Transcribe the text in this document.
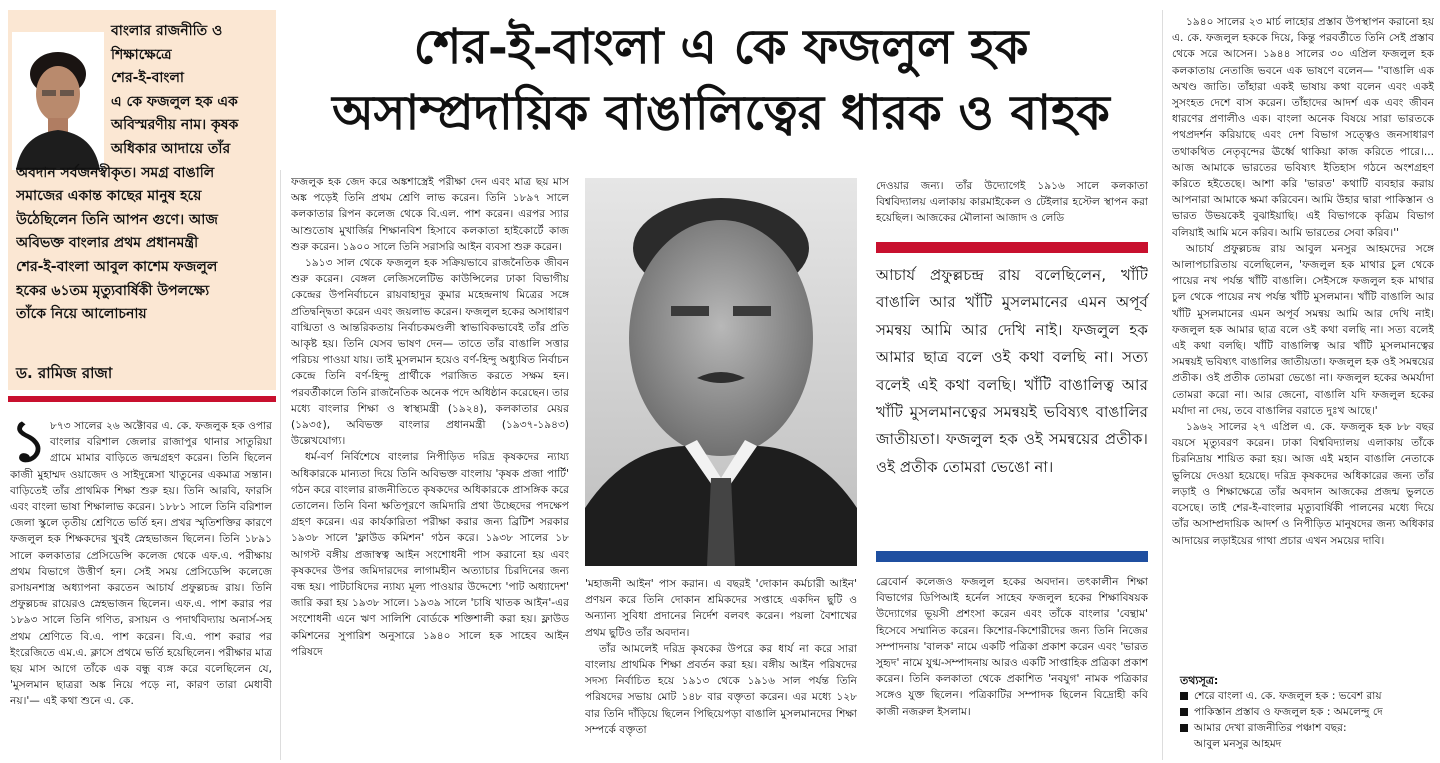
বাংলার রাজনীতি ও
শিক্ষাক্ষেত্রে
শের-ই-বাংলা
এ কে ফজলুল হক এক
অবিস্মরণীয় নাম। কৃষক
অধিকার আদায়ে তাঁর
অবদান সর্বজনস্বীকৃত। সমগ্র বাঙালি
সমাজের একান্ত কাছের মানুষ হয়ে
উঠেছিলেন তিনি আপন গুণে। আজ
অবিভক্ত বাংলার প্রথম প্রধানমন্ত্রী
শের-ই-বাংলা আবুল কাশেম ফজলুল
হকের ৬১তম মৃত্যুবার্ষিকী উপলক্ষ্যে
তাঁকে নিয়ে আলোচনায়
ড. রামিজ রাজা
শের-ই-বাংলা এ কে ফজলুল হক
অসাম্প্রদায়িক বাঙালিত্বের ধারক ও বাহক
১ ৮৭৩ সালের ২৬ অক্টোবর এ. কে. ফজলুক হক ওপার বাংলার বরিশাল জেলার রাজাপুর থানার সাতুরিয়া গ্রামে মামার বাড়িতে জন্মগ্রহণ করেন। তিনি ছিলেন কাজী মুহাম্মদ ওয়াজেদ ও সাইদুন্নেসা খাতুনের একমাত্র সন্তান। বাড়িতেই তাঁর প্রাথমিক শিক্ষা শুরু হয়। তিনি আরবি, ফারসি এবং বাংলা ভাষা শিক্ষালাভ করেন। ১৮৮১ সালে তিনি বরিশাল জেলা স্কুলে তৃতীয় শ্রেণিতে ভর্তি হন। প্রখর স্মৃতিশক্তির কারণে ফজলুল হক শিক্ষকদের খুবই স্নেহভাজন ছিলেন। তিনি ১৮৯১ সালে কলকাতার প্রেসিডেন্সি কলেজ থেকে এফ.এ. পরীক্ষায় প্রথম বিভাগে উত্তীর্ণ হন। সেই সময় প্রেসিডেন্সি কলেজে রসায়নশাস্ত্র অধ্যাপনা করতেন আচার্য প্রফুল্লচন্দ্র রায়। তিনি প্রফুল্লচন্দ্র রায়েরও স্নেহভাজন ছিলেন। এফ.এ. পাশ করার পর ১৮৯৩ সালে তিনি গণিত, রসায়ন ও পদার্থবিদ্যায় অনার্স-সহ প্রথম শ্রেণিতে বি.এ. পাশ করেন। বি.এ. পাশ করার পর ইংরেজিতে এম.এ. ক্লাসে প্রথমে ভর্তি হয়েছিলেন। পরীক্ষার মাত্র ছয় মাস আগে তাঁকে এক বন্ধু ব্যঙ্গ করে বলেছিলেন যে, 'মুসলমান ছাত্ররা অঙ্ক নিয়ে পড়ে না, কারণ তারা মেধাবী নয়।'— এই কথা শুনে এ. কে.

ফজলুক হক জেদ করে অঙ্কশাস্ত্রেই পরীক্ষা দেন এবং মাত্র ছয় মাস অঙ্ক পড়েই তিনি প্রথম শ্রেণি লাভ করেন। তিনি ১৮৯৭ সালে কলকাতার রিপন কলেজ থেকে বি.এল. পাশ করেন। এরপর স্যার আশুতোষ মুখার্জির শিক্ষানবিশ হিসাবে কলকাতা হাইকোর্টে কাজ শুরু করেন। ১৯০০ সালে তিনি সরাসরি আইন ব্যবসা শুরু করেন।

১৯১৩ সাল থেকে ফজলুল হক সক্রিয়ভাবে রাজনৈতিক জীবন শুরু করেন। বেঙ্গল লেজিসলেটিভ কাউন্সিলের ঢাকা বিভাগীয় কেন্দ্রের উপনির্বাচনে রায়বাহাদুর কুমার মহেন্দ্রনাথ মিত্রের সঙ্গে প্রতিদ্বন্দ্বিতা করেন এবং জয়লাভ করেন। ফজলুল হকের অসাধারণ বাগ্মিতা ও আন্তরিকতায় নির্বাচকমণ্ডলী স্বাভাবিকভাবেই তাঁর প্রতি আকৃষ্ট হয়। তিনি যেসব ভাষণ দেন— তাতে তাঁর বাঙালি সত্তার পরিচয় পাওয়া যায়। তাই মুসলমান হয়েও বর্ণ-হিন্দু অধ্যুষিত নির্বাচন কেন্দ্রে তিনি বর্ণ-হিন্দু প্রার্থীকে পরাজিত করতে সক্ষম হন। পরবর্তীকালে তিনি রাজনৈতিক অনেক পদে অধিষ্ঠান করেছেন। তার মধ্যে বাংলার শিক্ষা ও স্বাস্থ্যমন্ত্রী (১৯২৪), কলকাতার মেয়র (১৯৩৫), অবিভক্ত বাংলার প্রধানমন্ত্রী (১৯৩৭-১৯৪৩) উল্লেখযোগ্য।

ধর্ম-বর্ণ নির্বিশেষে বাংলার নিপীড়িত দরিদ্র কৃষকদের ন্যায্য অধিকারকে মান্যতা দিয়ে তিনি অবিভক্ত বাংলায় 'কৃষক প্রজা পার্টি' গঠন করে বাংলার রাজনীতিতে কৃষকদের অধিকারকে প্রাসঙ্গিক করে তোলেন। তিনি বিনা ক্ষতিপূরণে জমিদারি প্রথা উচ্ছেদের পদক্ষেপ গ্রহণ করেন। এর কার্যকারিতা পরীক্ষা করার জন্য ব্রিটিশ সরকার ১৯৩৮ সালে 'ফ্লাউড কমিশন' গঠন করে। ১৯৩৮ সালের ১৮ আগস্ট বঙ্গীয় প্রজাস্বত্ব আইন সংশোধনী পাস করানো হয় এবং কৃষকদের উপর জমিদারদের লাগামহীন অত্যাচার চিরদিনের জন্য বন্ধ হয়। পাটচাষিদের ন্যায্য মূল্য পাওয়ার উদ্দেশ্যে 'পাট অধ্যাদেশ' জারি করা হয় ১৯৩৮ সালে। ১৯৩৯ সালে 'চাষি খাতক আইন'-এর সংশোধনী এনে ঋণ সালিশি বোর্ডকে শক্তিশালী করা হয়। ফ্লাউড কমিশনের সুপারিশ অনুসারে ১৯৪০ সালে হক সাহেব আইন পরিষদে

'মহাজনী আইন' পাস করান। এ বছরই 'দোকান কর্মচারী আইন' প্রণয়ন করে তিনি দোকান শ্রমিকদের সপ্তাহে একদিন ছুটি ও অন্যান্য সুবিধা প্রদানের নির্দেশ বলবৎ করেন। পয়লা বৈশাখের প্রথম ছুটিও তাঁর অবদান।

তাঁর আমলেই দরিদ্র কৃষকের উপরে কর ধার্য না করে সারা বাংলায় প্রাথমিক শিক্ষা প্রবর্তন করা হয়। বঙ্গীয় আইন পরিষদের সদস্য নির্বাচিত হয়ে ১৯১৩ থেকে ১৯১৬ সাল পর্যন্ত তিনি পরিষদের সভায় মোট ১৪৮ বার বক্তৃতা করেন। এর মধ্যে ১২৮ বার তিনি দাঁড়িয়ে ছিলেন পিছিয়েপড়া বাঙালি মুসলমানদের শিক্ষা সম্পর্কে বক্তৃতা

দেওয়ার জন্য। তাঁর উদ্যোগেই ১৯১৬ সালে কলকাতা বিশ্ববিদ্যালয় এলাকায় কারমাইকেল ও টেইলার হস্টেল স্থাপন করা হয়েছিল। আজকের মৌলানা আজাদ ও লেডি
আচার্য প্রফুল্লচন্দ্র রায় বলেছিলেন, খাঁটি বাঙালি আর খাঁটি মুসলমানের এমন অপূর্ব সমন্বয় আমি আর দেখি নাই। ফজলুল হক আমার ছাত্র বলে ওই কথা বলছি না। সত্য বলেই এই কথা বলছি। খাঁটি বাঙালিত্ব আর খাঁটি মুসলমানত্বের সমন্বয়ই ভবিষ্যৎ বাঙালির জাতীয়তা। ফজলুল হক ওই সমন্বয়ের প্রতীক। ওই প্রতীক তোমরা ভেঙো না।
ব্রেবোর্ন কলেজও ফজলুল হকের অবদান। তৎকালীন শিক্ষা বিভাগের ডিপিআই হর্নেল সাহেব ফজলুল হকের শিক্ষাবিষয়ক উদ্যোগের ভূয়সী প্রশংসা করেন এবং তাঁকে বাংলার 'বেন্থাম' হিসেবে সম্মানিত করেন। কিশোর-কিশোরীদের জন্য তিনি নিজের সম্পাদনায় 'বালক' নামে একটি পত্রিকা প্রকাশ করেন এবং 'ভারত সুহৃদ' নামে যুগ্ম-সম্পাদনায় আরও একটি সাপ্তাহিক প্রত্রিকা প্রকাশ করেন। তিনি কলকাতা থেকে প্রকাশিত 'নবযুগ' নামক পত্রিকার সঙ্গেও যুক্ত ছিলেন। পত্রিকাটির সম্পাদক ছিলেন বিদ্রোহী কবি কাজী নজরুল ইসলাম।

১৯৪০ সালের ২৩ মার্চ লাহোর প্রস্তাব উপস্থাপন করানো হয় এ. কে. ফজলুল হককে দিয়ে, কিন্তু পরবর্তীতে তিনি সেই প্রস্তাব থেকে সরে আসেন। ১৯৪৪ সালের ৩০ এপ্রিল ফজলুল হক কলকাতায় নেতাজি ভবনে এক ভাষণে বলেন— ''বাঙালি এক অখণ্ড জাতি। তাঁহারা একই ভাষায় কথা বলেন এবং একই সুসংহত দেশে বাস করেন। তাঁহাদের আদর্শ এক এবং জীবন ধারণের প্রণালীও এক। বাংলা অনেক বিষয়ে সারা ভারতকে পথপ্রদর্শন করিয়াছে এবং দেশ বিভাগ সত্ত্বেও জনসাধারণ তথাকথিত নেতৃবৃন্দের ঊর্ধ্বে থাকিয়া কাজ করিতে পারে।... আজ আমাকে ভারতের ভবিষ্যৎ ইতিহাস গঠনে অংশগ্রহণ করিতে হইতেছে। আশা করি 'ভারত' কথাটি ব্যবহার করায় আপনারা আমাকে ক্ষমা করিবেন। আমি উহার দ্বারা পাকিস্তান ও ভারত উভয়কেই বুঝাইয়াছি। এই বিভাগকে কৃত্রিম বিভাগ বলিয়াই আমি মনে করিব। আমি ভারতের সেবা করিব।''

আচার্য প্রফুল্লচন্দ্র রায় আবুল মনসুর আহমদের সঙ্গে আলাপচারিতায় বলেছিলেন, 'ফজলুল হক মাথার চুল থেকে পায়ের নখ পর্যন্ত খাঁটি বাঙালি। সেইসঙ্গে ফজলুল হক মাথার চুল থেকে পায়ের নখ পর্যন্ত খাঁটি মুসলমান। খাঁটি বাঙালি আর খাঁটি মুসলমানের এমন অপূর্ব সমন্বয় আমি আর দেখি নাই। ফজলুল হক আমার ছাত্র বলে ওই কথা বলছি না। সত্য বলেই এই কথা বলছি। খাঁটি বাঙালিত্ব আর খাঁটি মুসলমানত্বের সমন্বয়ই ভবিষ্যৎ বাঙালির জাতীয়তা। ফজলুল হক ওই সমন্বয়ের প্রতীক। ওই প্রতীক তোমরা ভেঙো না। ফজলুল হকের অমর্যাদা তোমরা করো না। আর জেনো, বাঙালি যদি ফজলুল হকের মর্যাদা না দেয়, তবে বাঙালির বরাতে দুঃখ আছে।'

১৯৬২ সালের ২৭ এপ্রিল এ. কে. ফজলুক হক ৮৮ বছর বয়সে মৃত্যুবরণ করেন। ঢাকা বিশ্ববিদ্যালয় এলাকায় তাঁকে চিরনিদ্রায় শায়িত করা হয়। আজ এই মহান বাঙালি নেতাকে ভুলিয়ে দেওয়া হয়েছে। দরিদ্র কৃষকদের অধিকারের জন্য তাঁর লড়াই ও শিক্ষাক্ষেত্রে তাঁর অবদান আজকের প্রজন্ম ভুলতে বসেছে। তাই শের-ই-বাংলার মৃত্যুবার্ষিকী পালনের মধ্যে দিয়ে তাঁর অসাম্প্রদায়িক আদর্শ ও নিপীড়িত মানুষদের জন্য অধিকার আদায়ের লড়াইয়ের গাথা প্রচার এখন সময়ের দাবি।

তথ্যসূত্র:
শেরে বাংলা এ. কে. ফজলুল হক : ভবেশ রায়
পাকিস্তান প্রস্তাব ও ফজলুল হক : অমলেন্দু দে
আমার দেখা রাজনীতির পঞ্চাশ বছর:
আবুল মনসুর আহমদ
